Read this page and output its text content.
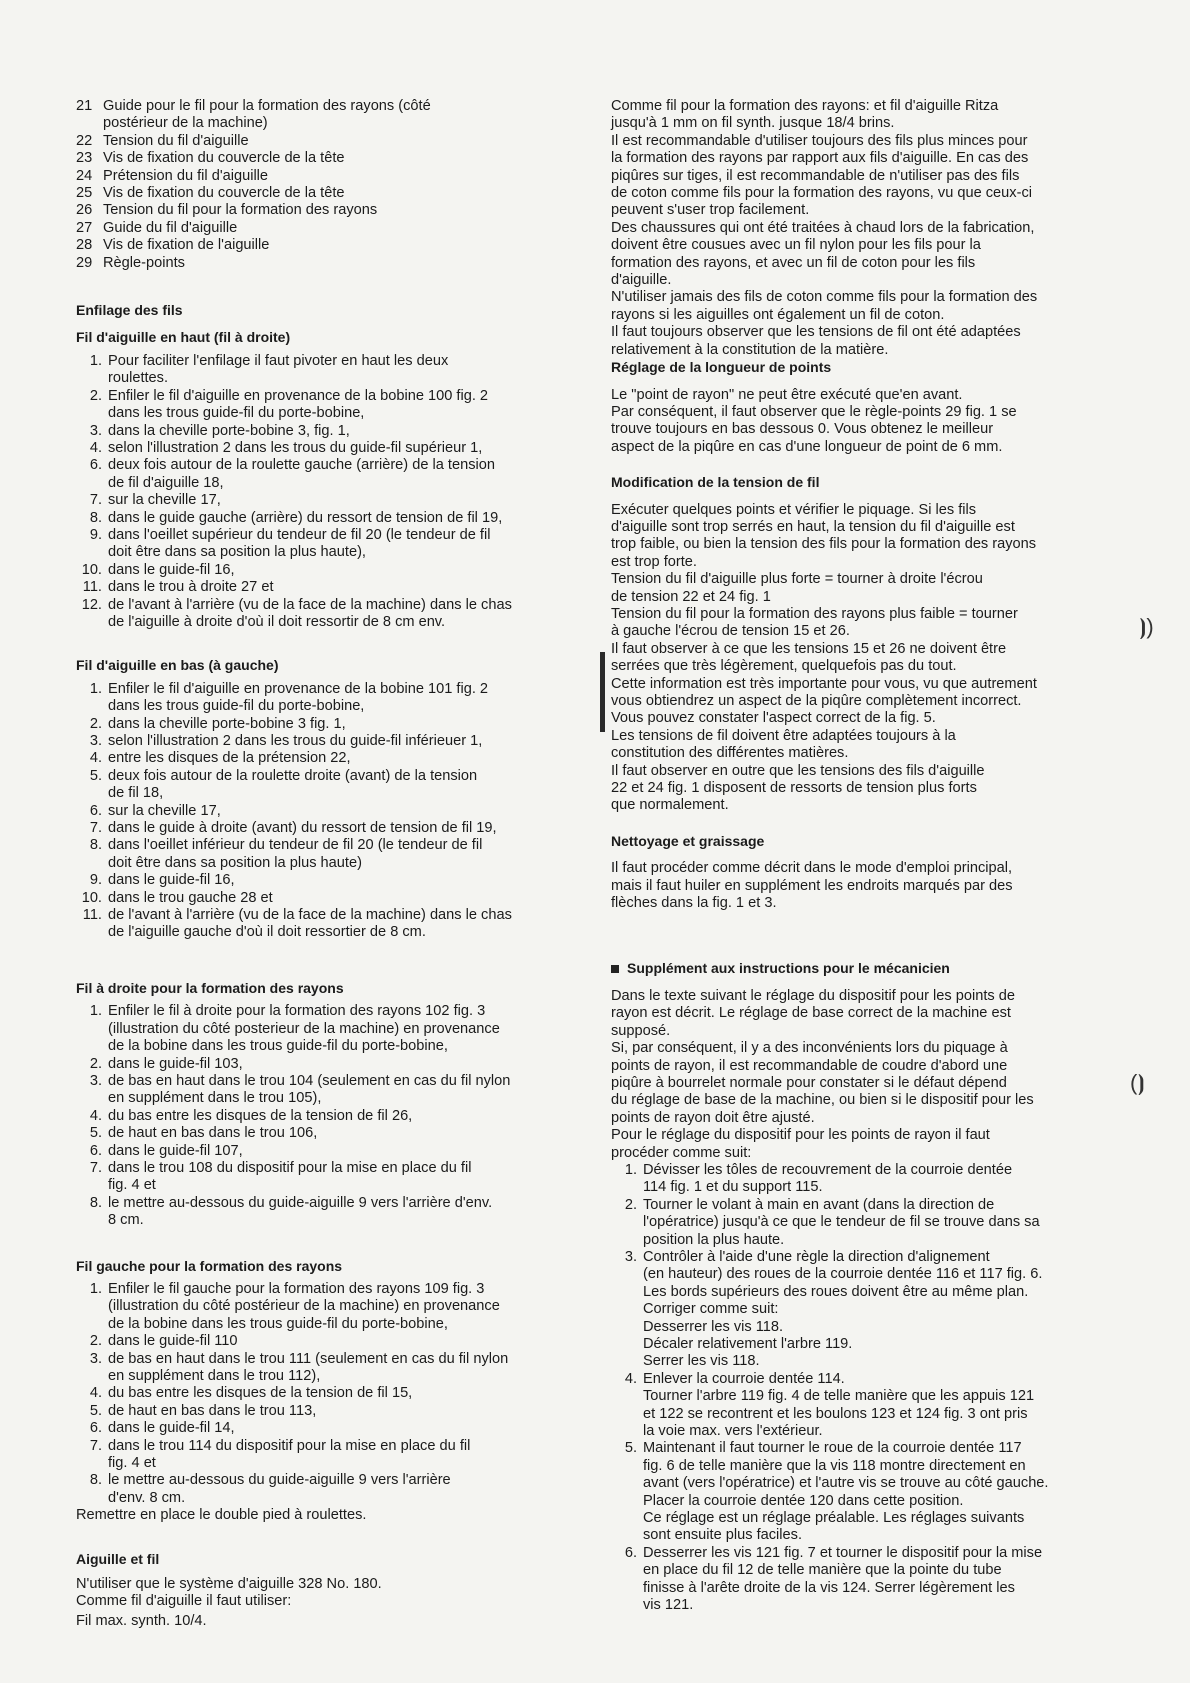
21 Guide pour le fil pour la formation des rayons (côté
postérieur de la machine)
22 Tension du fil d'aiguille
23 Vis de fixation du couvercle de la tête
24 Prétension du fil d'aiguille
25 Vis de fixation du couvercle de la tête
26 Tension du fil pour la formation des rayons
27 Guide du fil d'aiguille
28 Vis de fixation de l'aiguille
29 Règle-points
Enfilage des fils
Fil d'aiguille en haut (fil à droite)
1. Pour faciliter l'enfilage il faut pivoter en haut les deux
roulettes.
2. Enfiler le fil d'aiguille en provenance de la bobine 100 fig. 2
dans les trous guide-fil du porte-bobine,
3. dans la cheville porte-bobine 3, fig. 1,
4. selon l'illustration 2 dans les trous du guide-fil supérieur 1,
6. deux fois autour de la roulette gauche (arrière) de la tension
de fil d'aiguille 18,
7. sur la cheville 17,
8. dans le guide gauche (arrière) du ressort de tension de fil 19,
9. dans l'oeillet supérieur du tendeur de fil 20 (le tendeur de fil
doit être dans sa position la plus haute),
10. dans le guide-fil 16,
11. dans le trou à droite 27 et
12. de l'avant à l'arrière (vu de la face de la machine) dans le chas
de l'aiguille à droite d'où il doit ressortir de 8 cm env.
Fil d'aiguille en bas (à gauche)
1. Enfiler le fil d'aiguille en provenance de la bobine 101 fig. 2
dans les trous guide-fil du porte-bobine,
2. dans la cheville porte-bobine 3 fig. 1,
3. selon l'illustration 2 dans les trous du guide-fil inférieuer 1,
4. entre les disques de la prétension 22,
5. deux fois autour de la roulette droite (avant) de la tension
de fil 18,
6. sur la cheville 17,
7. dans le guide à droite (avant) du ressort de tension de fil 19,
8. dans l'oeillet inférieur du tendeur de fil 20 (le tendeur de fil
doit être dans sa position la plus haute)
9. dans le guide-fil 16,
10. dans le trou gauche 28 et
11. de l'avant à l'arrière (vu de la face de la machine) dans le chas
de l'aiguille gauche d'où il doit ressortier de 8 cm.
Fil à droite pour la formation des rayons
1. Enfiler le fil à droite pour la formation des rayons 102 fig. 3
(illustration du côté posterieur de la machine) en provenance
de la bobine dans les trous guide-fil du porte-bobine,
2. dans le guide-fil 103,
3. de bas en haut dans le trou 104 (seulement en cas du fil nylon
en supplément dans le trou 105),
4. du bas entre les disques de la tension de fil 26,
5. de haut en bas dans le trou 106,
6. dans le guide-fil 107,
7. dans le trou 108 du dispositif pour la mise en place du fil
fig. 4 et
8. le mettre au-dessous du guide-aiguille 9 vers l'arrière d'env.
8 cm.
Fil gauche pour la formation des rayons
1. Enfiler le fil gauche pour la formation des rayons 109 fig. 3
(illustration du côté postérieur de la machine) en provenance
de la bobine dans les trous guide-fil du porte-bobine,
2. dans le guide-fil 110
3. de bas en haut dans le trou 111 (seulement en cas du fil nylon
en supplément dans le trou 112),
4. du bas entre les disques de la tension de fil 15,
5. de haut en bas dans le trou 113,
6. dans le guide-fil 14,
7. dans le trou 114 du dispositif pour la mise en place du fil
fig. 4 et
8. le mettre au-dessous du guide-aiguille 9 vers l'arrière
d'env. 8 cm.

Remettre en place le double pied à roulettes.

Aiguille et fil

N'utiliser que le système d'aiguille 328 No. 180.

Comme fil d'aiguille il faut utiliser:

Fil max. synth. 10/4.

Comme fil pour la formation des rayons: et fil d'aiguille Ritza
jusqu'à 1 mm on fil synth. jusque 18/4 brins.
Il est recommandable d'utiliser toujours des fils plus minces pour
la formation des rayons par rapport aux fils d'aiguille. En cas des
piqûres sur tiges, il est recommandable de n'utiliser pas des fils
de coton comme fils pour la formation des rayons, vu que ceux-ci
peuvent s'user trop facilement.
Des chaussures qui ont été traitées à chaud lors de la fabrication,
doivent être cousues avec un fil nylon pour les fils pour la
formation des rayons, et avec un fil de coton pour les fils
d'aiguille.
N'utiliser jamais des fils de coton comme fils pour la formation des
rayons si les aiguilles ont également un fil de coton.
Il faut toujours observer que les tensions de fil ont été adaptées
relativement à la constitution de la matière.

Réglage de la longueur de points

Le "point de rayon" ne peut être exécuté que'en avant.
Par conséquent, il faut observer que le règle-points 29 fig. 1 se
trouve toujours en bas dessous 0. Vous obtenez le meilleur
aspect de la piqûre en cas d'une longueur de point de 6 mm.

Modification de la tension de fil

Exécuter quelques points et vérifier le piquage. Si les fils
d'aiguille sont trop serrés en haut, la tension du fil d'aiguille est
trop faible, ou bien la tension des fils pour la formation des rayons
est trop forte.
Tension du fil d'aiguille plus forte = tourner à droite l'écrou
de tension 22 et 24 fig. 1
Tension du fil pour la formation des rayons plus faible = tourner
à gauche l'écrou de tension 15 et 26.

Il faut observer à ce que les tensions 15 et 26 ne doivent être
serrées que très légèrement, quelquefois pas du tout.
Cette information est très importante pour vous, vu que autrement
vous obtiendrez un aspect de la piqûre complètement incorrect.
Vous pouvez constater l'aspect correct de la fig. 5.

Les tensions de fil doivent être adaptées toujours à la
constitution des différentes matières.
Il faut observer en outre que les tensions des fils d'aiguille
22 et 24 fig. 1 disposent de ressorts de tension plus forts
que normalement.

Nettoyage et graissage

Il faut procéder comme décrit dans le mode d'emploi principal,
mais il faut huiler en supplément les endroits marqués par des
flèches dans la fig. 1 et 3.

Supplément aux instructions pour le mécanicien

Dans le texte suivant le réglage du dispositif pour les points de
rayon est décrit. Le réglage de base correct de la machine est
supposé.
Si, par conséquent, il y a des inconvénients lors du piquage à
points de rayon, il est recommandable de coudre d'abord une
piqûre à bourrelet normale pour constater si le défaut dépend
du réglage de base de la machine, ou bien si le dispositif pour les
points de rayon doit être ajusté.
Pour le réglage du dispositif pour les points de rayon il faut
procéder comme suit:

1. Dévisser les tôles de recouvrement de la courroie dentée
114 fig. 1 et du support 115.
2. Tourner le volant à main en avant (dans la direction de
l'opératrice) jusqu'à ce que le tendeur de fil se trouve dans sa
position la plus haute.
3. Contrôler à l'aide d'une règle la direction d'alignement
(en hauteur) des roues de la courroie dentée 116 et 117 fig. 6.
Les bords supérieurs des roues doivent être au même plan.
Corriger comme suit:
Desserrer les vis 118.
Décaler relativement l'arbre 119.
Serrer les vis 118.
4. Enlever la courroie dentée 114.
Tourner l'arbre 119 fig. 4 de telle manière que les appuis 121
et 122 se recontrent et les boulons 123 et 124 fig. 3 ont pris
la voie max. vers l'extérieur.
5. Maintenant il faut tourner le roue de la courroie dentée 117
fig. 6 de telle manière que la vis 118 montre directement en
avant (vers l'opératrice) et l'autre vis se trouve au côté gauche.
Placer la courroie dentée 120 dans cette position.
Ce réglage est un réglage préalable. Les réglages suivants
sont ensuite plus faciles.
6. Desserrer les vis 121 fig. 7 et tourner le dispositif pour la mise
en place du fil 12 de telle manière que la pointe du tube
finisse à l'arête droite de la vis 124. Serrer légèrement les
vis 121.
⦘)
(⦘
